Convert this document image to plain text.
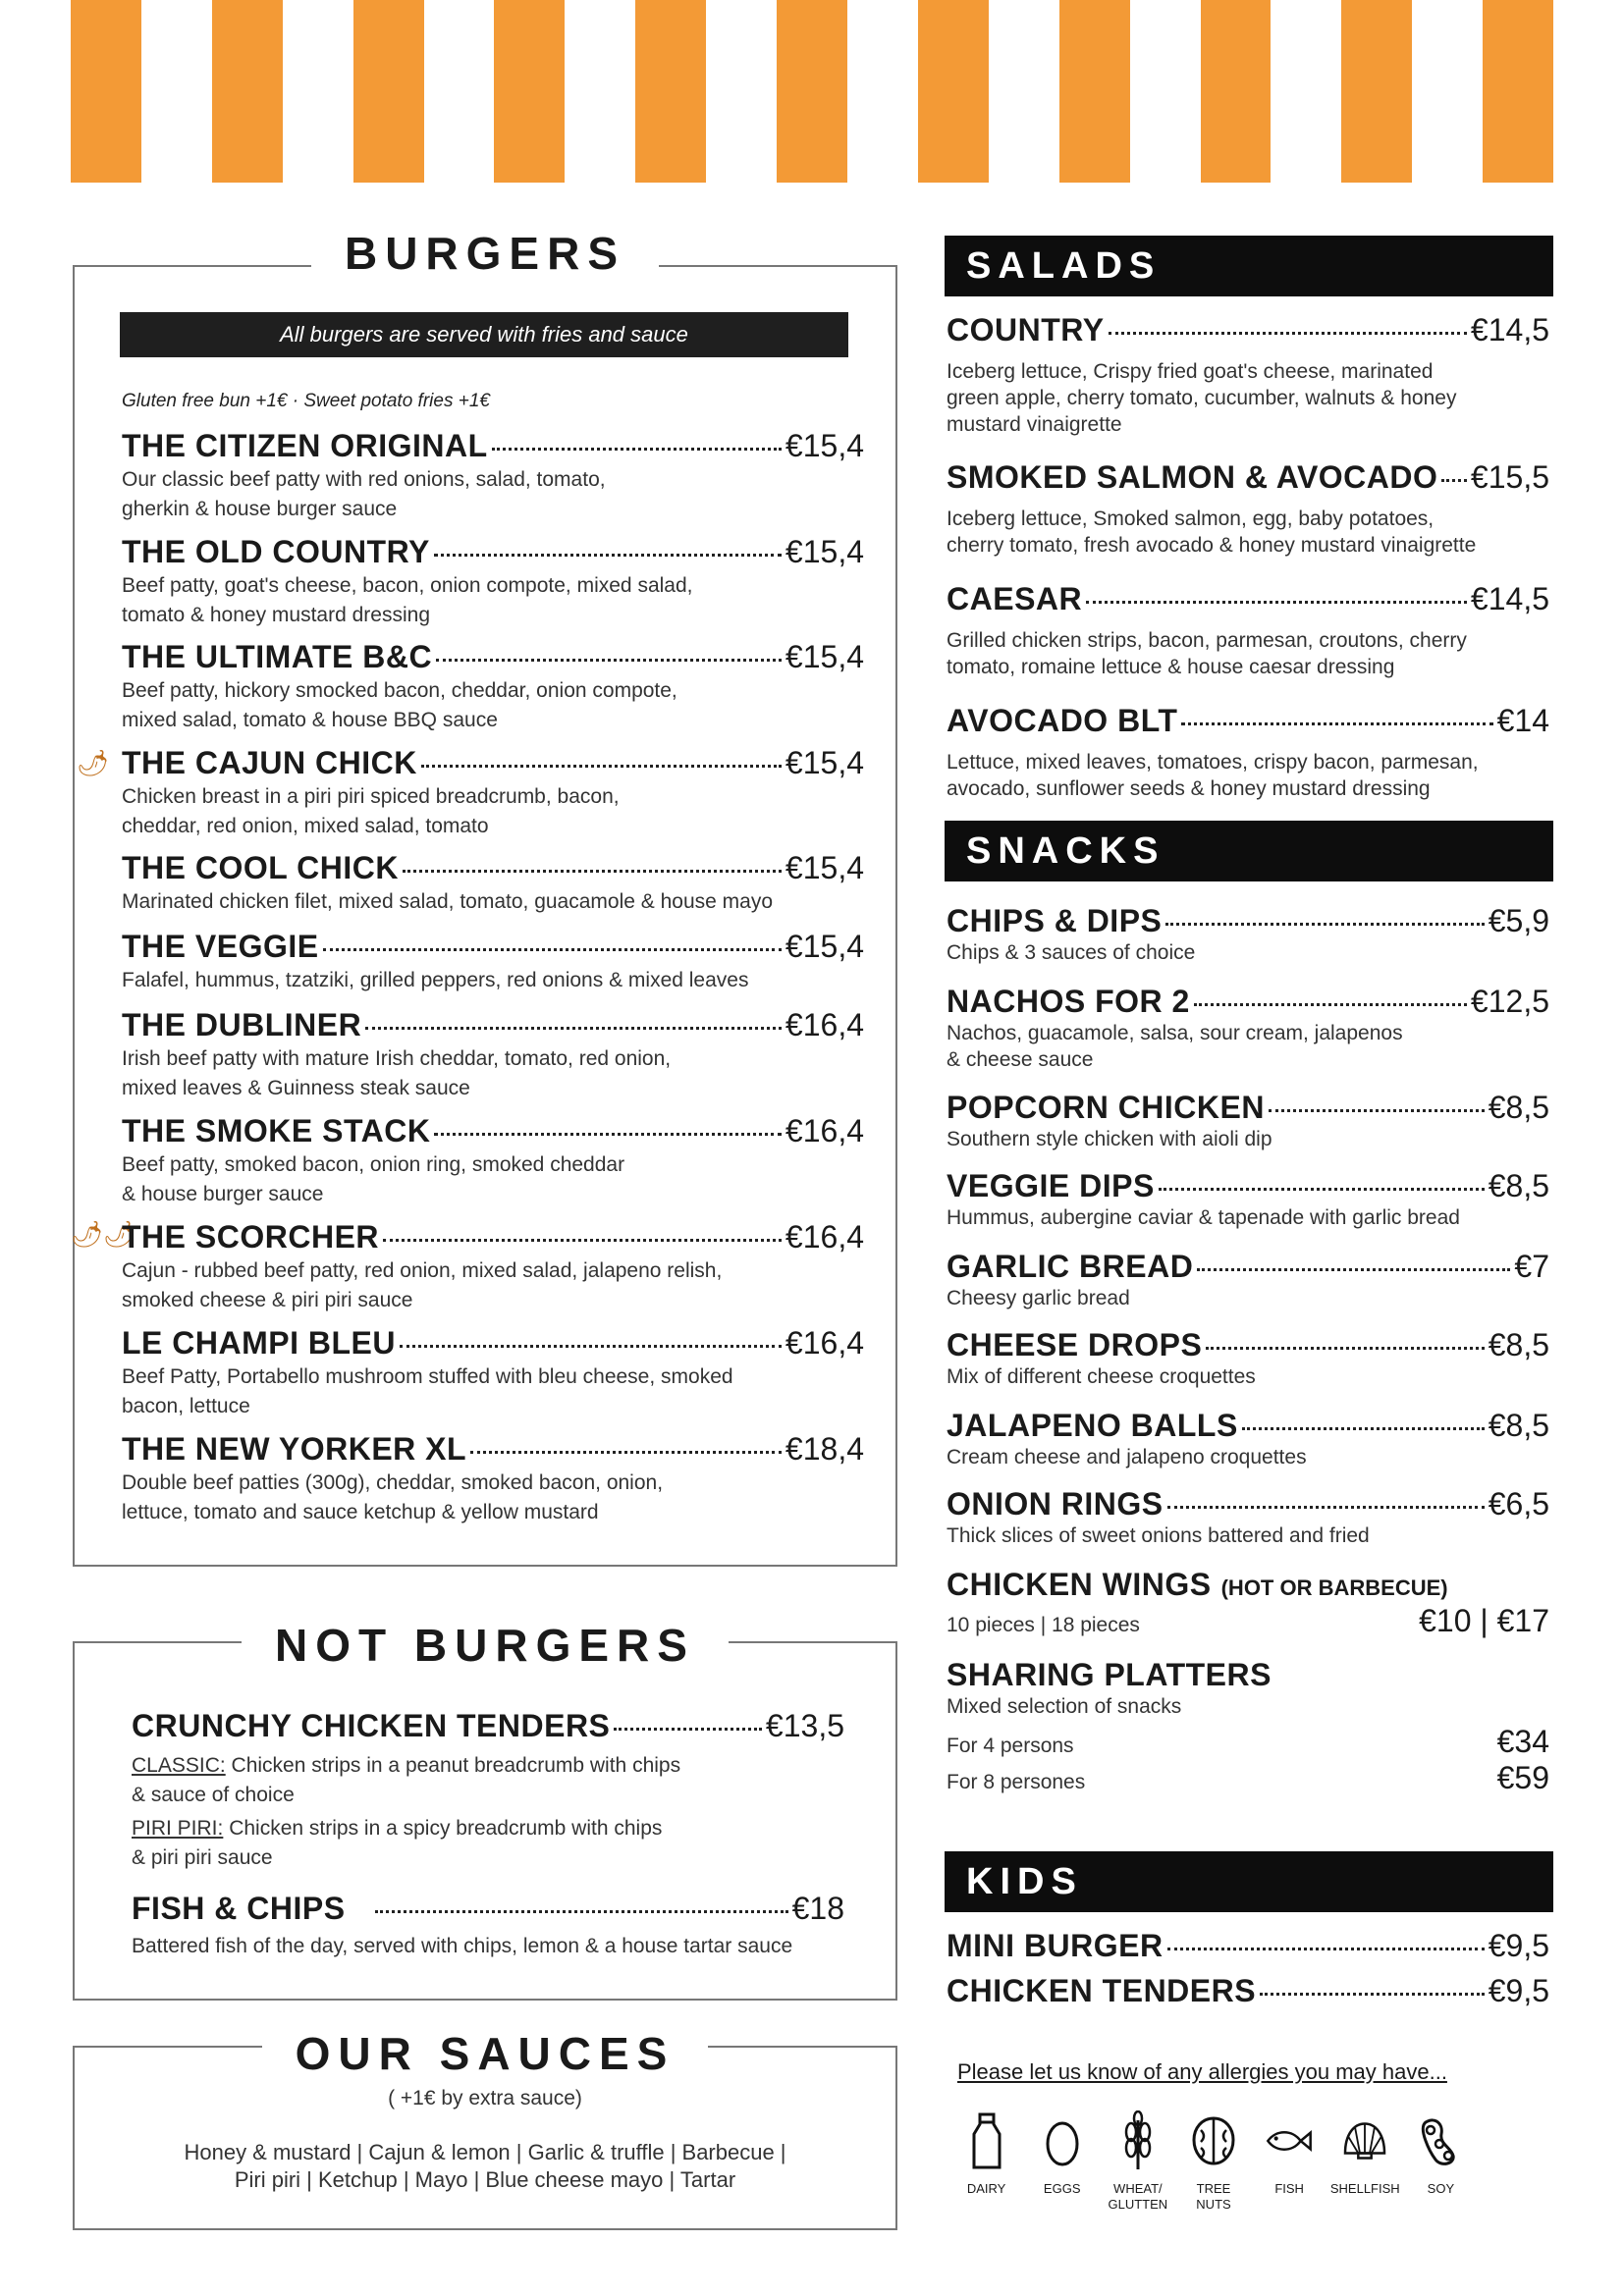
BURGERS
All burgers are served with fries and sauce
Gluten free bun +1€ · Sweet potato fries +1€
🌶
🌶🌶
THE CITIZEN ORIGINAL	€15,4
Our classic beef patty with red onions, salad, tomato,
gherkin & house burger sauce
THE OLD COUNTRY	€15,4
Beef patty, goat's cheese, bacon, onion compote, mixed salad,
tomato & honey mustard dressing
THE ULTIMATE B&C	€15,4
Beef patty, hickory smocked bacon, cheddar, onion compote,
mixed salad, tomato & house BBQ sauce
THE CAJUN CHICK	€15,4
Chicken breast in a piri piri spiced breadcrumb, bacon,
cheddar, red onion, mixed salad, tomato
THE COOL CHICK	€15,4
Marinated chicken filet, mixed salad, tomato, guacamole & house mayo
THE VEGGIE	€15,4
Falafel, hummus, tzatziki, grilled peppers, red onions & mixed leaves
THE DUBLINER	€16,4
Irish beef patty with mature Irish cheddar, tomato, red onion,
mixed leaves & Guinness steak sauce
THE SMOKE STACK	€16,4
Beef patty, smoked bacon, onion ring, smoked cheddar
& house burger sauce
THE SCORCHER	€16,4
Cajun - rubbed beef patty, red onion, mixed salad, jalapeno relish,
smoked cheese & piri piri sauce
LE CHAMPI BLEU	€16,4
Beef Patty, Portabello mushroom stuffed with bleu cheese, smoked
bacon, lettuce
THE NEW YORKER XL	€18,4
Double beef patties (300g), cheddar, smoked bacon, onion,
lettuce, tomato and sauce ketchup & yellow mustard
NOT BURGERS
CRUNCHY CHICKEN TENDERS	€13,5
CLASSIC: Chicken strips in a peanut breadcrumb with chips
& sauce of choice
PIRI PIRI: Chicken strips in a spicy breadcrumb with chips
& piri piri sauce
FISH & CHIPS	€18
Battered fish of the day, served with chips, lemon & a house tartar sauce
OUR SAUCES
( +1€ by extra sauce)
Honey & mustard | Cajun & lemon | Garlic & truffle | Barbecue |
Piri piri | Ketchup | Mayo | Blue cheese mayo | Tartar
SALADS
COUNTRY	€14,5
Iceberg lettuce, Crispy fried goat's cheese, marinated
green apple, cherry tomato, cucumber, walnuts & honey
mustard vinaigrette
SMOKED SALMON & AVOCADO €15,5
Iceberg lettuce, Smoked salmon, egg, baby potatoes,
cherry tomato, fresh avocado & honey mustard vinaigrette
CAESAR	€14,5
Grilled chicken strips, bacon, parmesan, croutons, cherry
tomato, romaine lettuce & house caesar dressing
AVOCADO BLT	€14
Lettuce, mixed leaves, tomatoes, crispy bacon, parmesan,
avocado, sunflower seeds & honey mustard dressing
SNACKS
CHIPS & DIPS	€5,9
Chips & 3 sauces of choice
NACHOS FOR 2	€12,5
Nachos, guacamole, salsa, sour cream, jalapenos
& cheese sauce
POPCORN CHICKEN	€8,5
Southern style chicken with aioli dip
VEGGIE DIPS	€8,5
Hummus, aubergine caviar & tapenade with garlic bread
GARLIC BREAD	€7
Cheesy garlic bread
CHEESE DROPS	€8,5
Mix of different cheese croquettes
JALAPENO BALLS	€8,5
Cream cheese and jalapeno croquettes
ONION RINGS	€6,5
Thick slices of sweet onions battered and fried
CHICKEN WINGS (HOT OR BARBECUE)
10 pieces | 18 pieces	€10 | €17
SHARING PLATTERS
Mixed selection of snacks
For 4 persons	€34
For 8 persones	€59
KIDS
MINI BURGER	€9,5
CHICKEN TENDERS	€9,5
Please let us know of any allergies you may have...
DAIRY	EGGS	WHEAT/
GLUTTEN
TREE
NUTS
FISH	SHELLFISH	SOY
